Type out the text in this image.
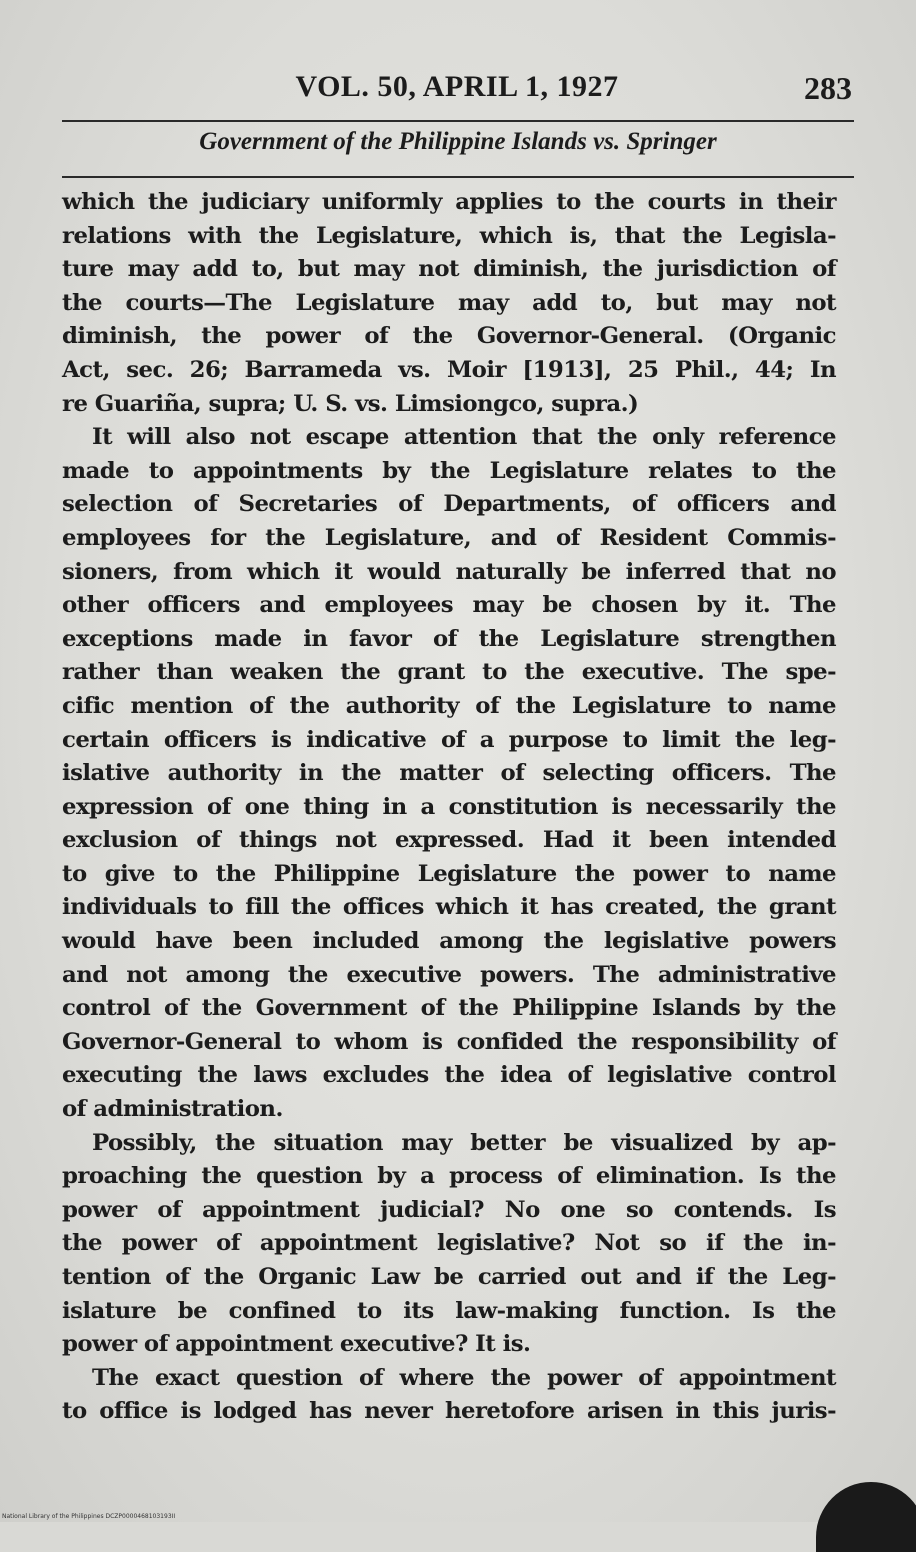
VOL. 50, APRIL 1, 1927	283
Government of the Philippine Islands vs. Springer
which the judiciary uniformly applies to the courts in their
relations with the Legislature, which is, that the Legisla-
ture may add to, but may not diminish, the jurisdiction of
the courts—The Legislature may add to, but may not
diminish, the power of the Governor-General. (Organic
Act, sec. 26; Barrameda vs. Moir [1913], 25 Phil., 44; In
re Guariña, supra; U. S. vs. Limsiongco, supra.)
It will also not escape attention that the only reference
made to appointments by the Legislature relates to the
selection of Secretaries of Departments, of officers and
employees for the Legislature, and of Resident Commis-
sioners, from which it would naturally be inferred that no
other officers and employees may be chosen by it. The
exceptions made in favor of the Legislature strengthen
rather than weaken the grant to the executive. The spe-
cific mention of the authority of the Legislature to name
certain officers is indicative of a purpose to limit the leg-
islative authority in the matter of selecting officers. The
expression of one thing in a constitution is necessarily the
exclusion of things not expressed. Had it been intended
to give to the Philippine Legislature the power to name
individuals to fill the offices which it has created, the grant
would have been included among the legislative powers
and not among the executive powers. The administrative
control of the Government of the Philippine Islands by the
Governor-General to whom is confided the responsibility of
executing the laws excludes the idea of legislative control
of administration.
Possibly, the situation may better be visualized by ap-
proaching the question by a process of elimination. Is the
power of appointment judicial? No one so contends. Is
the power of appointment legislative? Not so if the in-
tention of the Organic Law be carried out and if the Leg-
islature be confined to its law-making function. Is the
power of appointment executive? It is.
The exact question of where the power of appointment
to office is lodged has never heretofore arisen in this juris-
National Library of the Philippines DCZP0000468103193II
